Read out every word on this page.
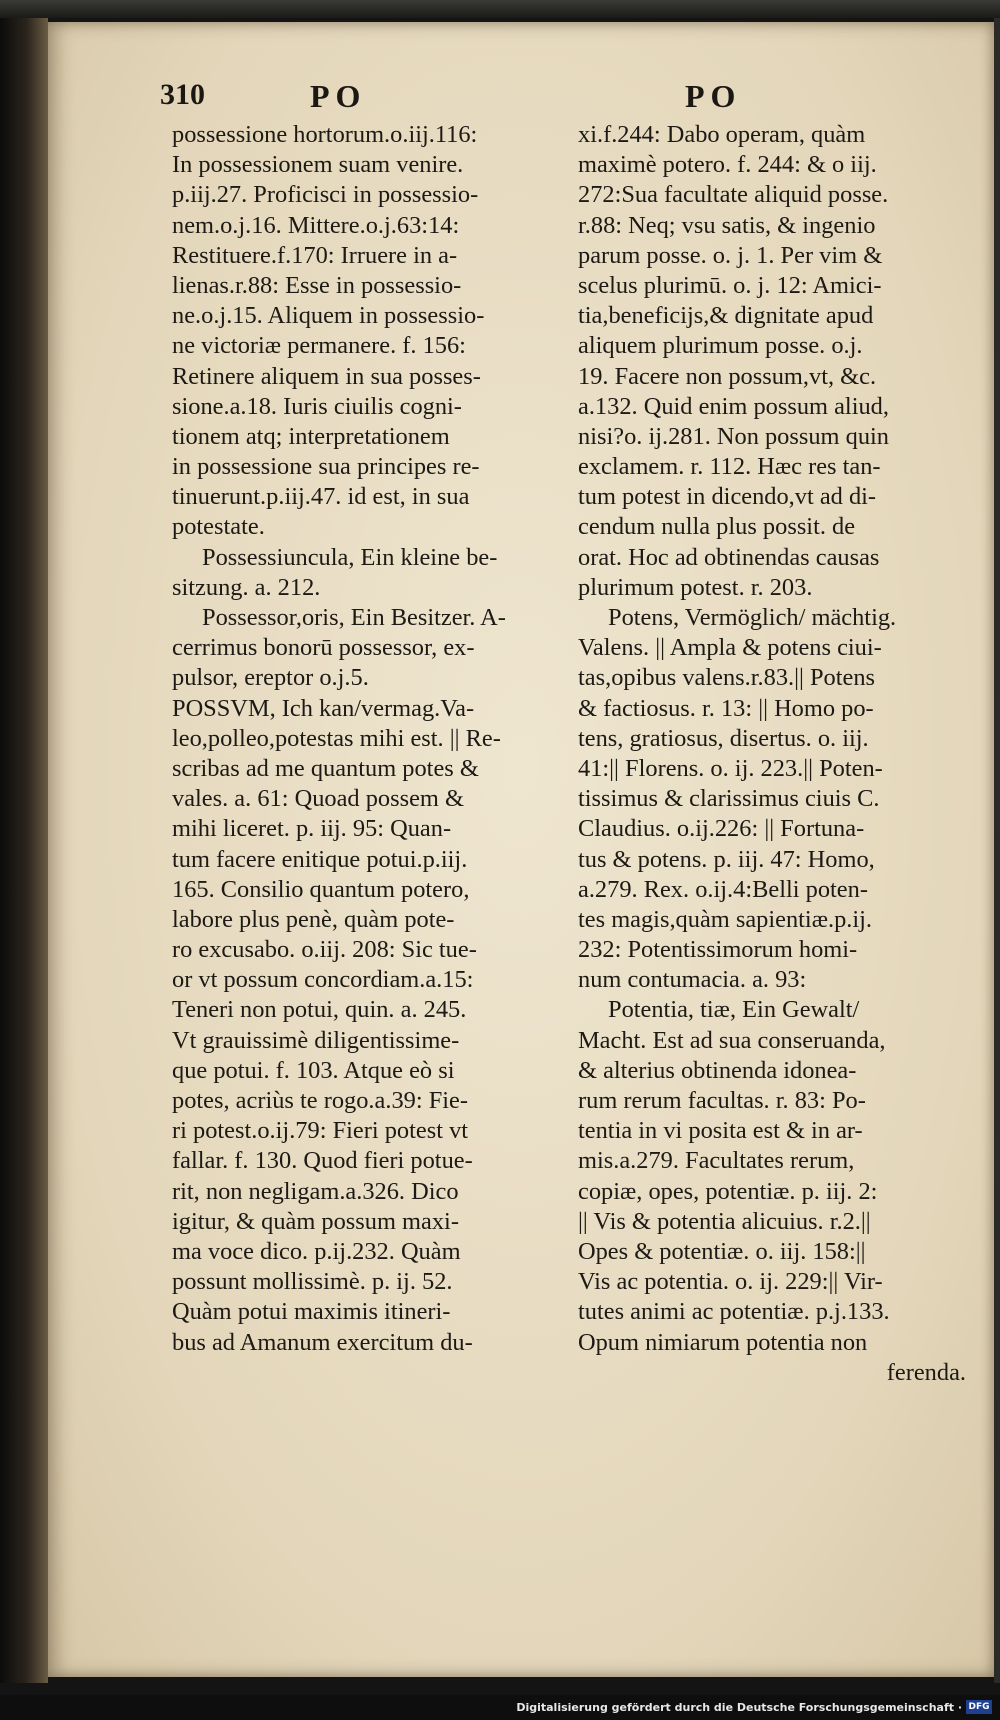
310	PO	PO
possessione hortorum.o.iij.116:
In possessionem suam venire.
p.iij.27. Proficisci in possessio-
nem.o.j.16. Mittere.o.j.63:14:
Restituere.f.170: Irruere in a-
lienas.r.88: Esse in possessio-
ne.o.j.15. Aliquem in possessio-
ne victoriæ permanere. f. 156:
Retinere aliquem in sua posses-
sione.a.18. Iuris ciuilis cogni-
tionem atq; interpretationem
in possessione sua principes re-
tinuerunt.p.iij.47. id est, in sua
potestate.
Possessiuncula, Ein kleine be-
sitzung. a. 212.
Possessor,oris, Ein Besitzer. A-
cerrimus bonorū possessor, ex-
pulsor, ereptor o.j.5.
POSSVM, Ich kan/vermag.Va-
leo,polleo,potestas mihi est. || Re-
scribas ad me quantum potes &
vales. a. 61: Quoad possem &
mihi liceret. p. iij. 95: Quan-
tum facere enitique potui.p.iij.
165. Consilio quantum potero,
labore plus penè, quàm pote-
ro excusabo. o.iij. 208: Sic tue-
or vt possum concordiam.a.15:
Teneri non potui, quin. a. 245.
Vt grauissimè diligentissime-
que potui. f. 103. Atque eò si
potes, acriùs te rogo.a.39: Fie-
ri potest.o.ij.79: Fieri potest vt
fallar. f. 130. Quod fieri potue-
rit, non negligam.a.326. Dico
igitur, & quàm possum maxi-
ma voce dico. p.ij.232. Quàm
possunt mollissimè. p. ij. 52.
Quàm potui maximis itineri-
bus ad Amanum exercitum du-
xi.f.244: Dabo operam, quàm
maximè potero. f. 244: & o iij.
272:Sua facultate aliquid posse.
r.88: Neq; vsu satis, & ingenio
parum posse. o. j. 1. Per vim &
scelus plurimū. o. j. 12: Amici-
tia,beneficijs,& dignitate apud
aliquem plurimum posse. o.j.
19. Facere non possum,vt, &c.
a.132. Quid enim possum aliud,
nisi?o. ij.281. Non possum quin
exclamem. r. 112. Hæc res tan-
tum potest in dicendo,vt ad di-
cendum nulla plus possit. de
orat. Hoc ad obtinendas causas
plurimum potest. r. 203.
Potens, Vermöglich/ mächtig.
Valens. || Ampla & potens ciui-
tas,opibus valens.r.83.|| Potens
& factiosus. r. 13: || Homo po-
tens, gratiosus, disertus. o. iij.
41:|| Florens. o. ij. 223.|| Poten-
tissimus & clarissimus ciuis C.
Claudius. o.ij.226: || Fortuna-
tus & potens. p. iij. 47: Homo,
a.279. Rex. o.ij.4:Belli poten-
tes magis,quàm sapientiæ.p.ij.
232: Potentissimorum homi-
num contumacia. a. 93:
Potentia, tiæ, Ein Gewalt/
Macht. Est ad sua conseruanda,
& alterius obtinenda idonea-
rum rerum facultas. r. 83: Po-
tentia in vi posita est & in ar-
mis.a.279. Facultates rerum,
copiæ, opes, potentiæ. p. iij. 2:
|| Vis & potentia alicuius. r.2.||
Opes & potentiæ. o. iij. 158:||
Vis ac potentia. o. ij. 229:|| Vir-
tutes animi ac potentiæ. p.j.133.
Opum nimiarum potentia non
ferenda.
Digitalisierung gefördert durch die Deutsche Forschungsgemeinschaft · DFG
